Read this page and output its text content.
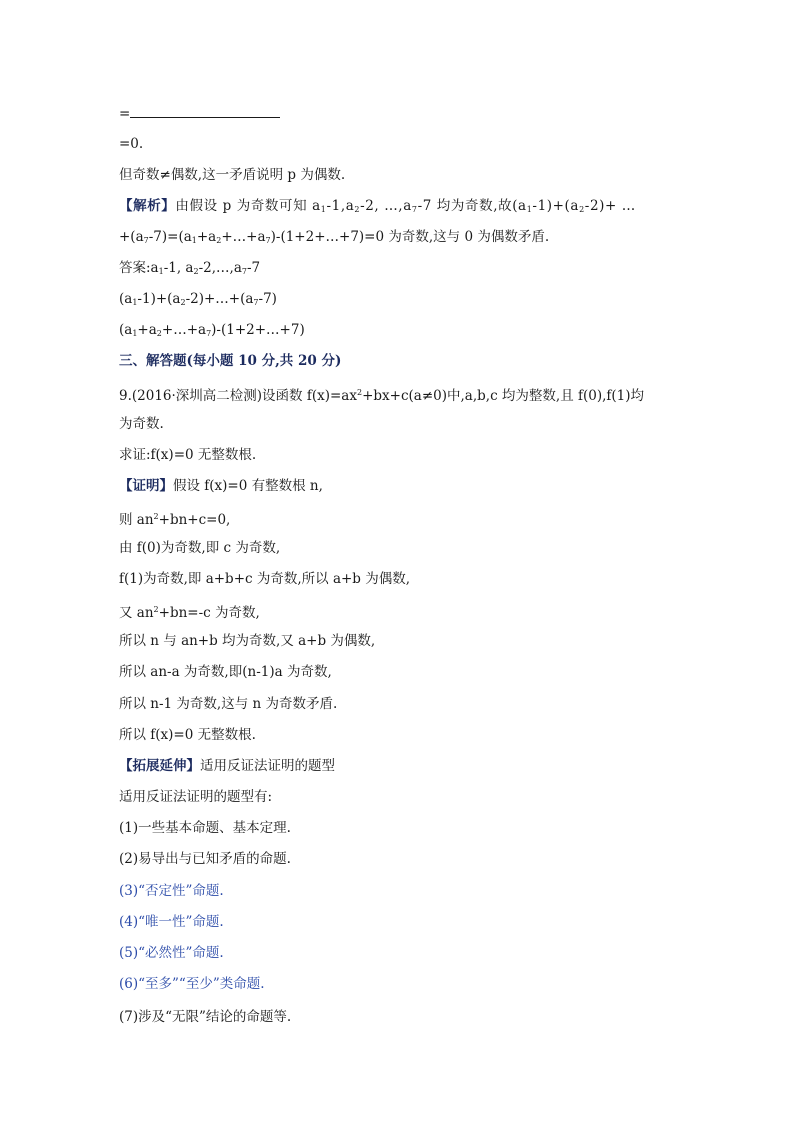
=
=0.
但奇数≠偶数,这一矛盾说明 p 为偶数.
【解析】由假设 p 为奇数可知 $a_1-1,a_2-2$, $\dots,a_7-7$ 均为奇数,故$(a_1-1)+(a_2-2)+$ …
$+(a_7-7)=(a_1+a_2+\dots+a_7)-(1+2+\dots+7)=0$ 为奇数,这与 0 为偶数矛盾.
答案$:a_1-1$, $a_2-2,\dots,a_7-7$
$(a_1-1)+(a_2-2)+\dots+(a_7-7)$
$(a_1+a_2+\dots+a_7)-(1+2+\dots+7)$
三、解答题(每小题 10 分,共 20 分)
9.(2016·深圳高二检测)设函数 $f(x)=ax^2+bx+c(a\ne 0)$中,a,b,c 均为整数,且 f(0),f(1)均
为奇数.
求证:f(x)=0 无整数根.
【证明】假设 f(x)=0 有整数根 n,
则 $an^2+bn+c=0$,
由 f(0)为奇数,即 c 为奇数,
f(1)为奇数,即 a+b+c 为奇数,所以 a+b 为偶数,
又 $an^2+bn=-c$ 为奇数,
所以 n 与 an+b 均为奇数,又 a+b 为偶数,
所以 an-a 为奇数,即(n-1)a 为奇数,
所以 n-1 为奇数,这与 n 为奇数矛盾.
所以 f(x)=0 无整数根.
【拓展延伸】适用反证法证明的题型
适用反证法证明的题型有:
(1)一些基本命题、基本定理.
(2)易导出与已知矛盾的命题.
(3)“否定性”命题.
(4)“唯一性”命题.
(5)“必然性”命题.
(6)“至多”“至少”类命题.
(7)涉及“无限”结论的命题等.
